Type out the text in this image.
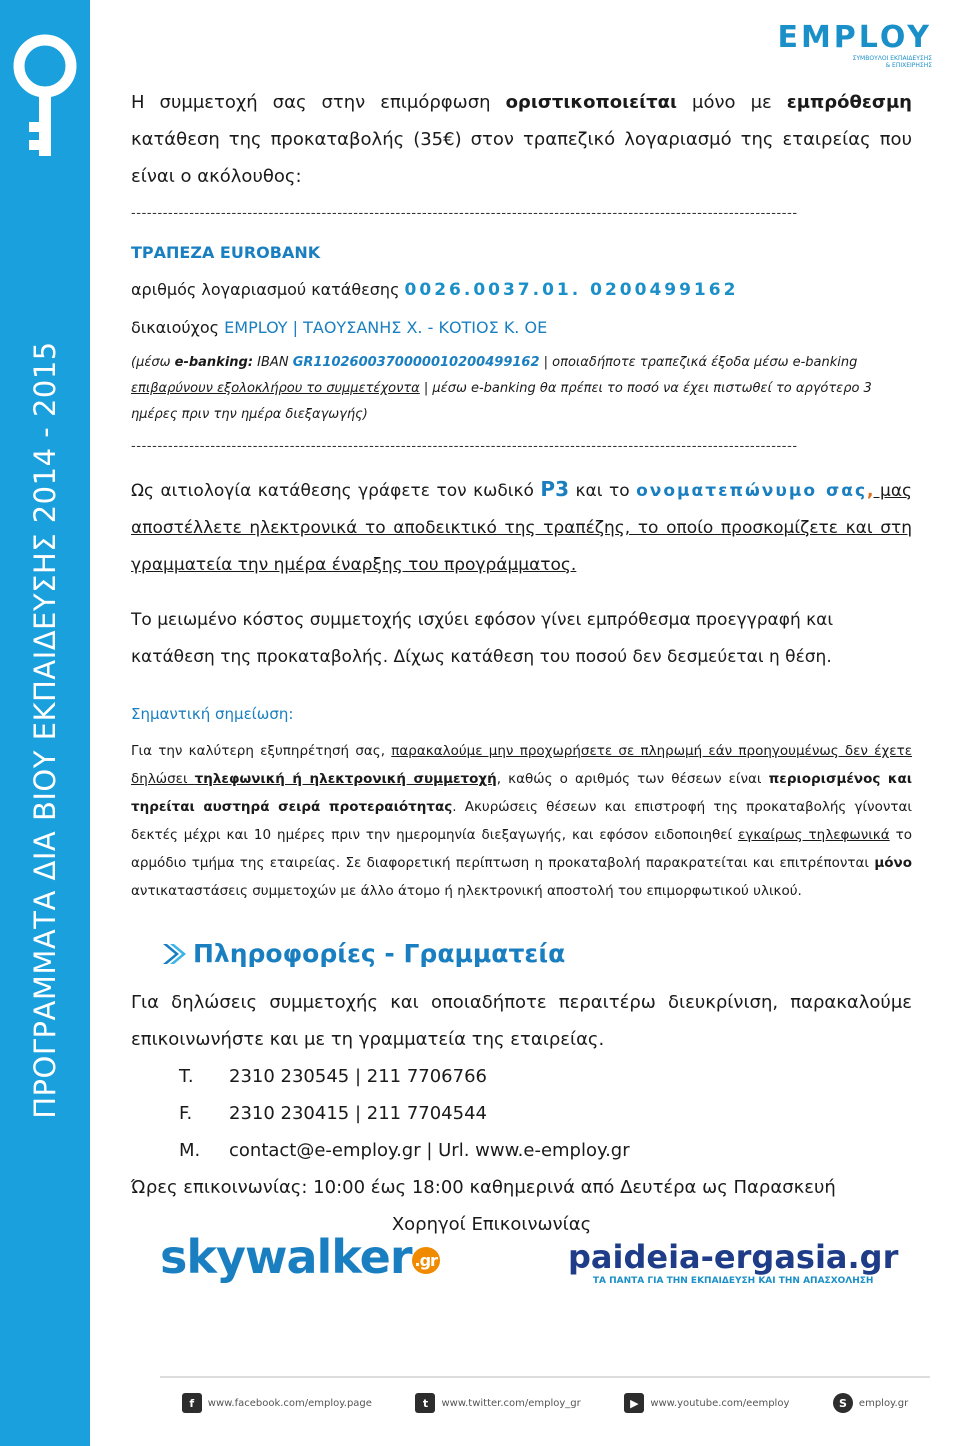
ΠΡΟΓΡΑΜΜΑΤΑ ΔΙΑ ΒΙΟΥ ΕΚΠΑΙΔΕΥΣΗΣ 2014 - 2015
EMPLOY
ΣΥΜΒΟΥΛΟΙ ΕΚΠΑΙΔΕΥΣΗΣ
& ΕΠΙΧΕΙΡΗΣΗΣ
Η συμμετοχή σας στην επιμόρφωση οριστικοποιείται μόνο με εμπρόθεσμη κατάθεση της προκαταβολής (35€) στον τραπεζικό λογαριασμό της εταιρείας που είναι ο ακόλουθος:
------------------------------------------------------------------------------------------------------------------------------
ΤΡΑΠΕΖΑ EUROBANK
αριθμός λογαριασμού κατάθεσης 0026.0037.01. 0200499162
δικαιούχος EMPLOY | ΤΑΟΥΣΑΝΗΣ Χ. - ΚΟΤΙΟΣ Κ. ΟΕ
(μέσω e-banking: IBAN GR1102600370000010200499162 | οποιαδήποτε τραπεζικά έξοδα μέσω e-banking επιβαρύνουν εξολοκλήρου το συμμετέχοντα | μέσω e-banking θα πρέπει το ποσό να έχει πιστωθεί το αργότερο 3 ημέρες πριν την ημέρα διεξαγωγής)
------------------------------------------------------------------------------------------------------------------------------
Ως αιτιολογία κατάθεσης γράφετε τον κωδικό P3 και το ονοματεπώνυμο σας, μας αποστέλλετε ηλεκτρονικά το αποδεικτικό της τραπέζης, το οποίο προσκομίζετε και στη γραμματεία την ημέρα έναρξης του προγράμματος.
Το μειωμένο κόστος συμμετοχής ισχύει εφόσον γίνει εμπρόθεσμα προεγγραφή και κατάθεση της προκαταβολής. Δίχως κατάθεση του ποσού δεν δεσμεύεται η θέση.
Σημαντική σημείωση:
Για την καλύτερη εξυπηρέτησή σας, παρακαλούμε μην προχωρήσετε σε πληρωμή εάν προηγουμένως δεν έχετε δηλώσει τηλεφωνική ή ηλεκτρονική συμμετοχή, καθώς ο αριθμός των θέσεων είναι περιορισμένος και τηρείται αυστηρά σειρά προτεραιότητας. Ακυρώσεις θέσεων και επιστροφή της προκαταβολής γίνονται δεκτές μέχρι και 10 ημέρες πριν την ημερομηνία διεξαγωγής, και εφόσον ειδοποιηθεί εγκαίρως τηλεφωνικά το αρμόδιο τμήμα της εταιρείας. Σε διαφορετική περίπτωση η προκαταβολή παρακρατείται και επιτρέπονται μόνο αντικαταστάσεις συμμετοχών με άλλο άτομο ή ηλεκτρονική αποστολή του επιμορφωτικού υλικού.
Πληροφορίες - Γραμματεία
Για δηλώσεις συμμετοχής και οποιαδήποτε περαιτέρω διευκρίνιση, παρακαλούμε επικοινωνήστε και με τη γραμματεία της εταιρείας.
T.	2310 230545 | 211 7706766
F.	2310 230415 | 211 7704544
M.	contact@e-employ.gr | Url. www.e-employ.gr
Ώρες επικοινωνίας: 10:00 έως 18:00 καθημερινά από Δευτέρα ως Παρασκευή
Χορηγοί Επικοινωνίας
skywalker .gr	paideia-ergasia.gr
ΤΑ ΠΑΝΤΑ ΓΙΑ ΤΗΝ ΕΚΠΑΙΔΕΥΣΗ ΚΑΙ ΤΗΝ ΑΠΑΣΧΟΛΗΣΗ
f	www.facebook.com/employ.page	t	www.twitter.com/employ_gr	▶	www.youtube.com/eemploy	S	employ.gr
